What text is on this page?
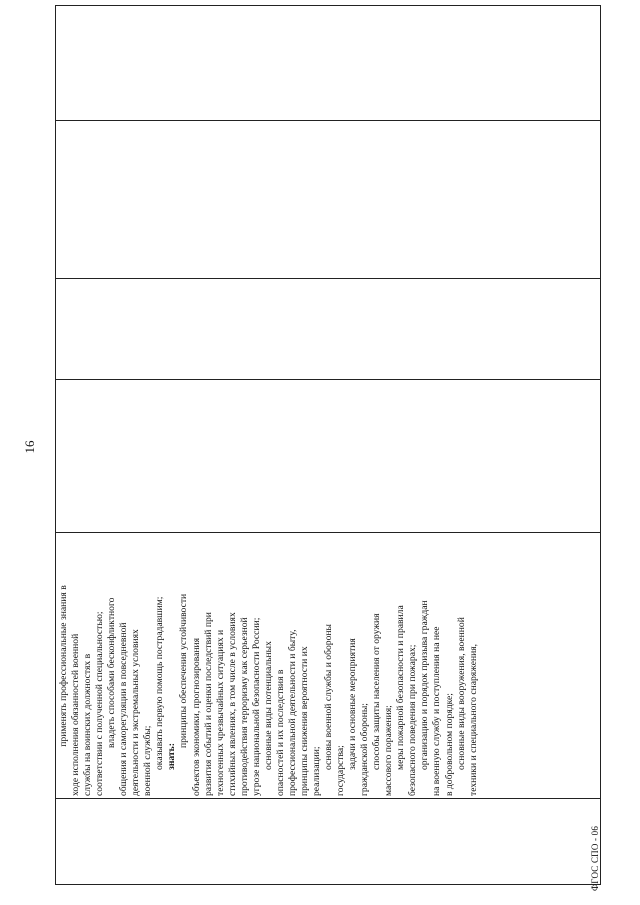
16
применять профессиональные знания в ходе исполнения обязанностей военной службы на воинских должностях в соответствии с полученной специальностью; владеть способами бесконфликтного общения и саморегуляции в повседневной деятельности и экстремальных условиях военной службы; оказывать первую помощь пострадавшим; знать:
принципы обеспечения устойчивости объектов экономики, прогнозирования развития событий и оценки последствий при техногенных чрезвычайных ситуациях и стихийных явлениях, в том числе в условиях противодействия терроризму как серьезной угрозе национальной безопасности России; основные виды потенциальных опасностей и их последствия в профессиональной деятельности и быту, принципы снижения вероятности их реализации;
основы военной службы и обороны
государства;
задачи и основные мероприятия гражданской обороны; способы защиты населения от оружия массового поражения; меры пожарной безопасности и правила безопасного поведения при пожарах; организацию и порядок призыва граждан на военную службу и поступления на нее в добровольном порядке; основные виды вооружения, военной техники и специального снаряжения,
ФГОС СПО - 06
